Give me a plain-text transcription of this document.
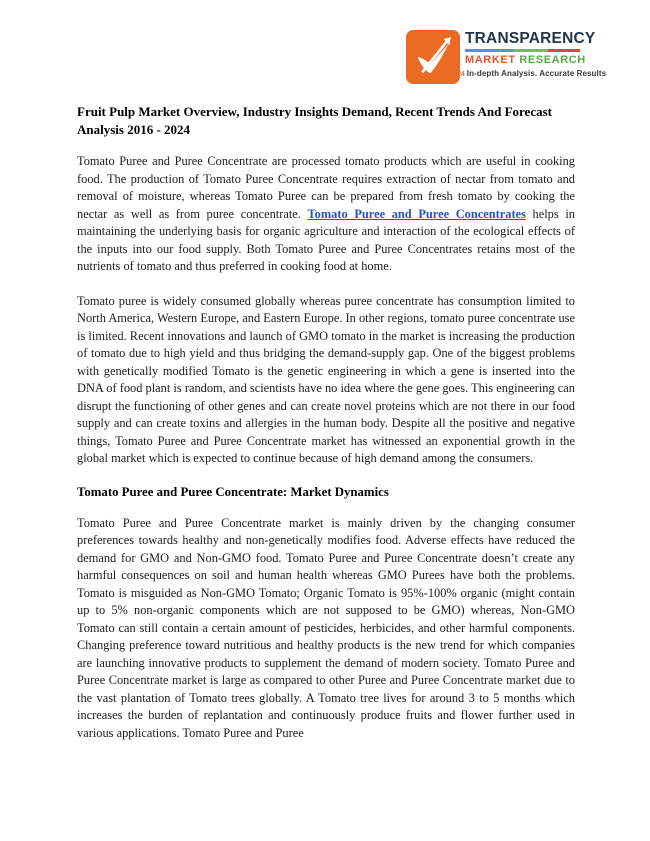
TRANSPARENCY
MARKET RESEARCH
24 In-depth Analysis. Accurate Results
Fruit Pulp Market Overview, Industry Insights Demand, Recent Trends And Forecast Analysis 2016 - 2024

Tomato Puree and Puree Concentrate are processed tomato products which are useful in cooking food. The production of Tomato Puree Concentrate requires extraction of nectar from tomato and removal of moisture, whereas Tomato Puree can be prepared from fresh tomato by cooking the nectar as well as from puree concentrate. Tomato Puree and Puree Concentrates helps in maintaining the underlying basis for organic agriculture and interaction of the ecological effects of the inputs into our food supply. Both Tomato Puree and Puree Concentrates retains most of the nutrients of tomato and thus preferred in cooking food at home.

Tomato puree is widely consumed globally whereas puree concentrate has consumption limited to North America, Western Europe, and Eastern Europe. In other regions, tomato puree concentrate use is limited. Recent innovations and launch of GMO tomato in the market is increasing the production of tomato due to high yield and thus bridging the demand-supply gap. One of the biggest problems with genetically modified Tomato is the genetic engineering in which a gene is inserted into the DNA of food plant is random, and scientists have no idea where the gene goes. This engineering can disrupt the functioning of other genes and can create novel proteins which are not there in our food supply and can create toxins and allergies in the human body. Despite all the positive and negative things, Tomato Puree and Puree Concentrate market has witnessed an exponential growth in the global market which is expected to continue because of high demand among the consumers.

Tomato Puree and Puree Concentrate: Market Dynamics

Tomato Puree and Puree Concentrate market is mainly driven by the changing consumer preferences towards healthy and non-genetically modifies food. Adverse effects have reduced the demand for GMO and Non-GMO food. Tomato Puree and Puree Concentrate doesn’t create any harmful consequences on soil and human health whereas GMO Purees have both the problems. Tomato is misguided as Non-GMO Tomato; Organic Tomato is 95%-100% organic (might contain up to 5% non-organic components which are not supposed to be GMO) whereas, Non-GMO Tomato can still contain a certain amount of pesticides, herbicides, and other harmful components. Changing preference toward nutritious and healthy products is the new trend for which companies are launching innovative products to supplement the demand of modern society. Tomato Puree and Puree Concentrate market is large as compared to other Puree and Puree Concentrate market due to the vast plantation of Tomato trees globally. A Tomato tree lives for around 3 to 5 months which increases the burden of replantation and continuously produce fruits and flower further used in various applications. Tomato Puree and Puree
